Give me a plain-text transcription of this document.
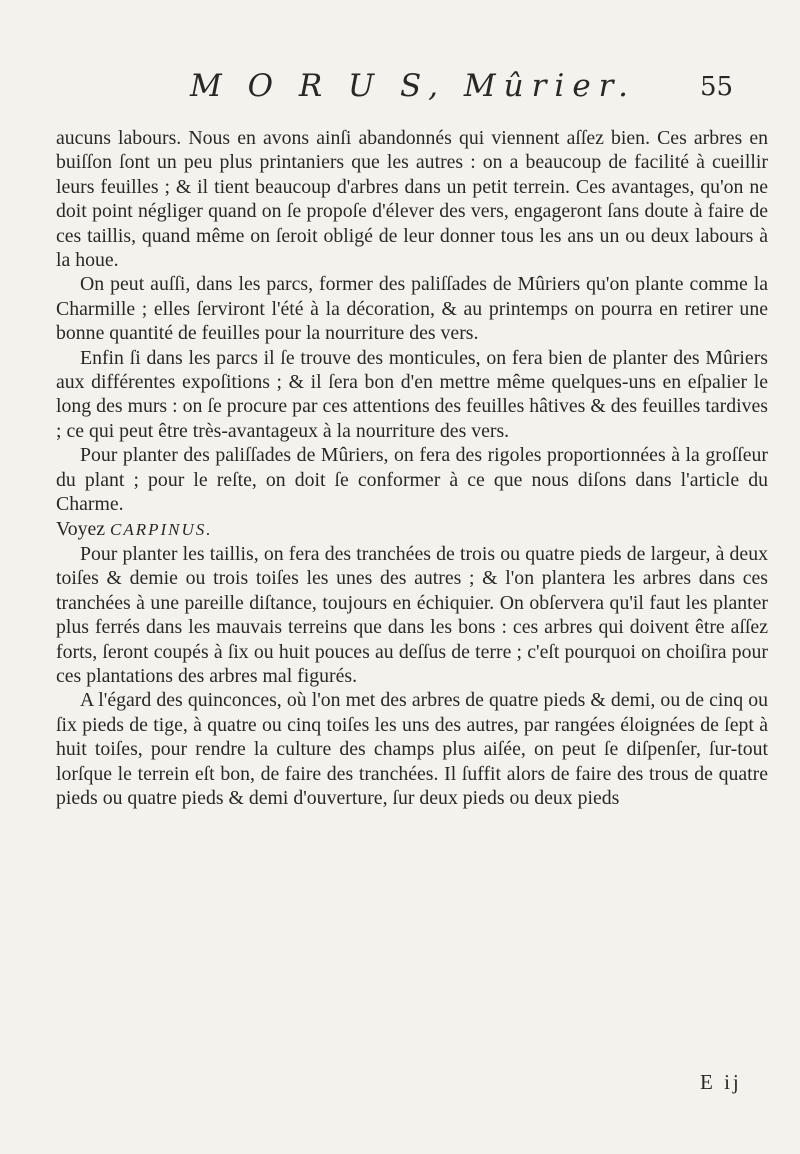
M O R U S, Mûrier. 55

aucuns labours. Nous en avons ainſi abandonnés qui viennent aſſez bien. Ces arbres en buiſſon ſont un peu plus printaniers que les autres : on a beaucoup de facilité à cueillir leurs feuilles ; & il tient beaucoup d'arbres dans un petit terrein. Ces avantages, qu'on ne doit point négliger quand on ſe propoſe d'élever des vers, engageront ſans doute à faire de ces taillis, quand même on ſeroit obligé de leur donner tous les ans un ou deux labours à la houe.

On peut auſſi, dans les parcs, former des paliſſades de Mûriers qu'on plante comme la Charmille ; elles ſerviront l'été à la décoration, & au printemps on pourra en retirer une bonne quantité de feuilles pour la nourriture des vers.

Enfin ſi dans les parcs il ſe trouve des monticules, on fera bien de planter des Mûriers aux différentes expoſitions ; & il ſera bon d'en mettre même quelques-uns en eſpalier le long des murs : on ſe procure par ces attentions des feuilles hâtives & des feuilles tardives ; ce qui peut être très-avantageux à la nourriture des vers.

Pour planter des paliſſades de Mûriers, on fera des rigoles proportionnées à la groſſeur du plant ; pour le reſte, on doit ſe conformer à ce que nous diſons dans l'article du Charme.

Voyez CARPINUS.

Pour planter les taillis, on fera des tranchées de trois ou quatre pieds de largeur, à deux toiſes & demie ou trois toiſes les unes des autres ; & l'on plantera les arbres dans ces tranchées à une pareille diſtance, toujours en échiquier. On obſervera qu'il faut les planter plus ferrés dans les mauvais terreins que dans les bons : ces arbres qui doivent être aſſez forts, ſeront coupés à ſix ou huit pouces au deſſus de terre ; c'eſt pourquoi on choiſira pour ces plantations des arbres mal figurés.

A l'égard des quinconces, où l'on met des arbres de quatre pieds & demi, ou de cinq ou ſix pieds de tige, à quatre ou cinq toiſes les uns des autres, par rangées éloignées de ſept à huit toiſes, pour rendre la culture des champs plus aiſée, on peut ſe diſpenſer, ſur-tout lorſque le terrein eſt bon, de faire des tranchées. Il ſuffit alors de faire des trous de quatre pieds ou quatre pieds & demi d'ouverture, ſur deux pieds ou deux pieds

E ij
